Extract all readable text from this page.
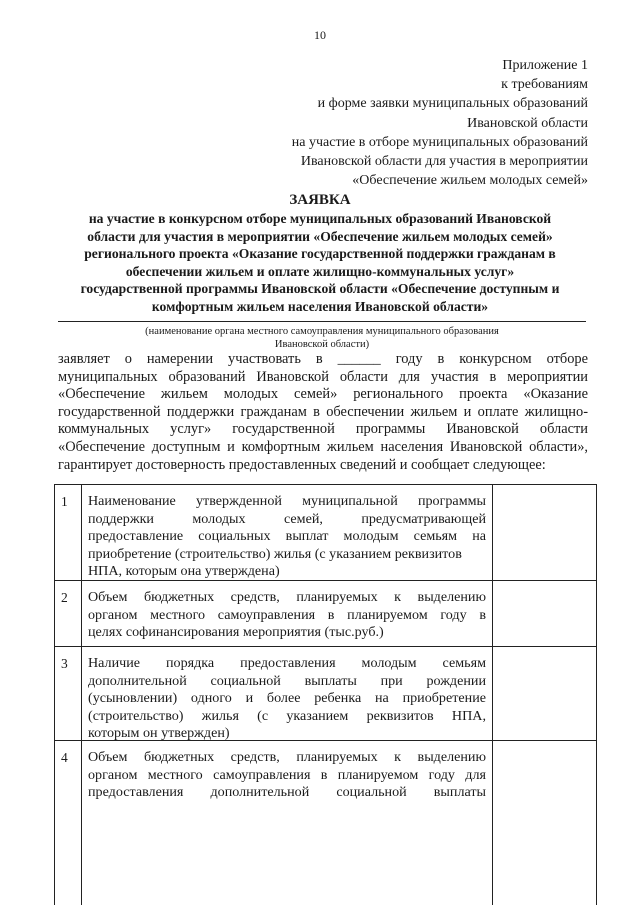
10
Приложение 1
к требованиям
и форме заявки муниципальных образований
Ивановской области
на участие в отборе муниципальных образований
Ивановской области для участия в мероприятии
«Обеспечение жильем молодых семей»
ЗАЯВКА
на участие в конкурсном отборе муниципальных образований Ивановской
области для участия в мероприятии «Обеспечение жильем молодых семей»
регионального проекта «Оказание государственной поддержки гражданам в
обеспечении жильем и оплате жилищно-коммунальных услуг»
государственной программы Ивановской области «Обеспечение доступным и
комфортным жильем населения Ивановской области»
(наименование органа местного самоуправления муниципального образования
Ивановской области)
заявляет о намерении участвовать в ______ году в конкурсном отборе
муниципальных образований Ивановской области для участия в мероприятии
«Обеспечение жильем молодых семей» регионального проекта «Оказание
государственной поддержки гражданам в обеспечении жильем и оплате жилищно-
коммунальных услуг» государственной программы Ивановской области
«Обеспечение доступным и комфортным жильем населения Ивановской области»,
гарантирует достоверность предоставленных сведений и сообщает следующее:
1 Наименование утвержденной муниципальной программы
поддержки молодых семей, предусматривающей
предоставление социальных выплат молодым семьям на
приобретение (строительство) жилья (с указанием реквизитов
НПА, которым она утверждена)
2 Объем бюджетных средств, планируемых к выделению
органом местного самоуправления в планируемом году в
целях софинансирования мероприятия (тыс.руб.)
3 Наличие порядка предоставления молодым семьям
дополнительной социальной выплаты при рождении
(усыновлении) одного и более ребенка на приобретение
(строительство) жилья (с указанием реквизитов НПА,
которым он утвержден)
4 Объем бюджетных средств, планируемых к выделению
органом местного самоуправления в планируемом году для
предоставления дополнительной социальной выплаты
